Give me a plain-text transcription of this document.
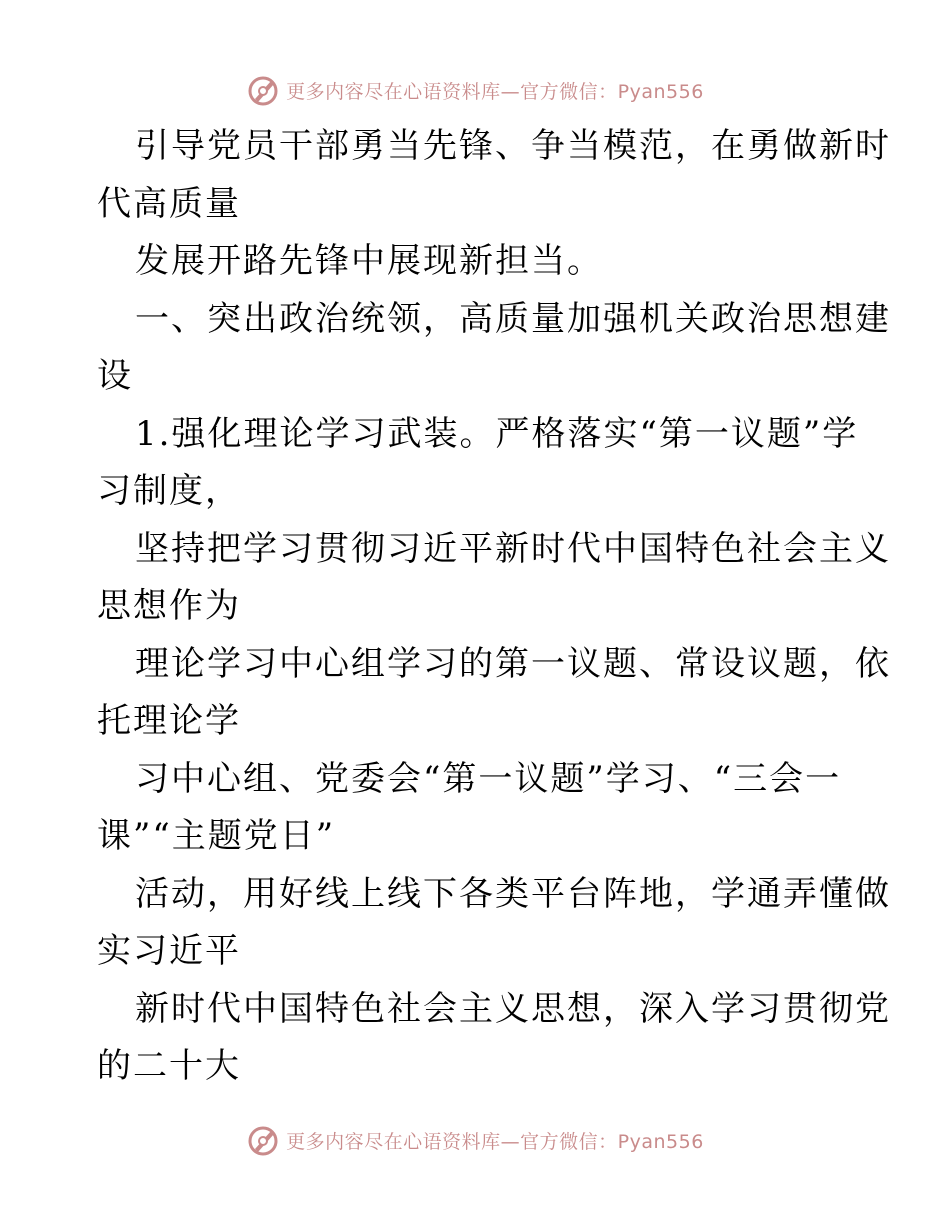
更多内容尽在心语资料库—官方微信：Pyan556

引导党员干部勇当先锋、争当模范，在勇做新时
代高质量

发展开路先锋中展现新担当。

一、突出政治统领，高质量加强机关政治思想建
设

1.强化理论学习武装。严格落实“第一议题”学
习制度，

坚持把学习贯彻习近平新时代中国特色社会主义
思想作为

理论学习中心组学习的第一议题、常设议题，依
托理论学

习中心组、党委会“第一议题”学习、“三会一
课”“主题党日”

活动，用好线上线下各类平台阵地，学通弄懂做
实习近平

新时代中国特色社会主义思想，深入学习贯彻党
的二十大

更多内容尽在心语资料库—官方微信：Pyan556
